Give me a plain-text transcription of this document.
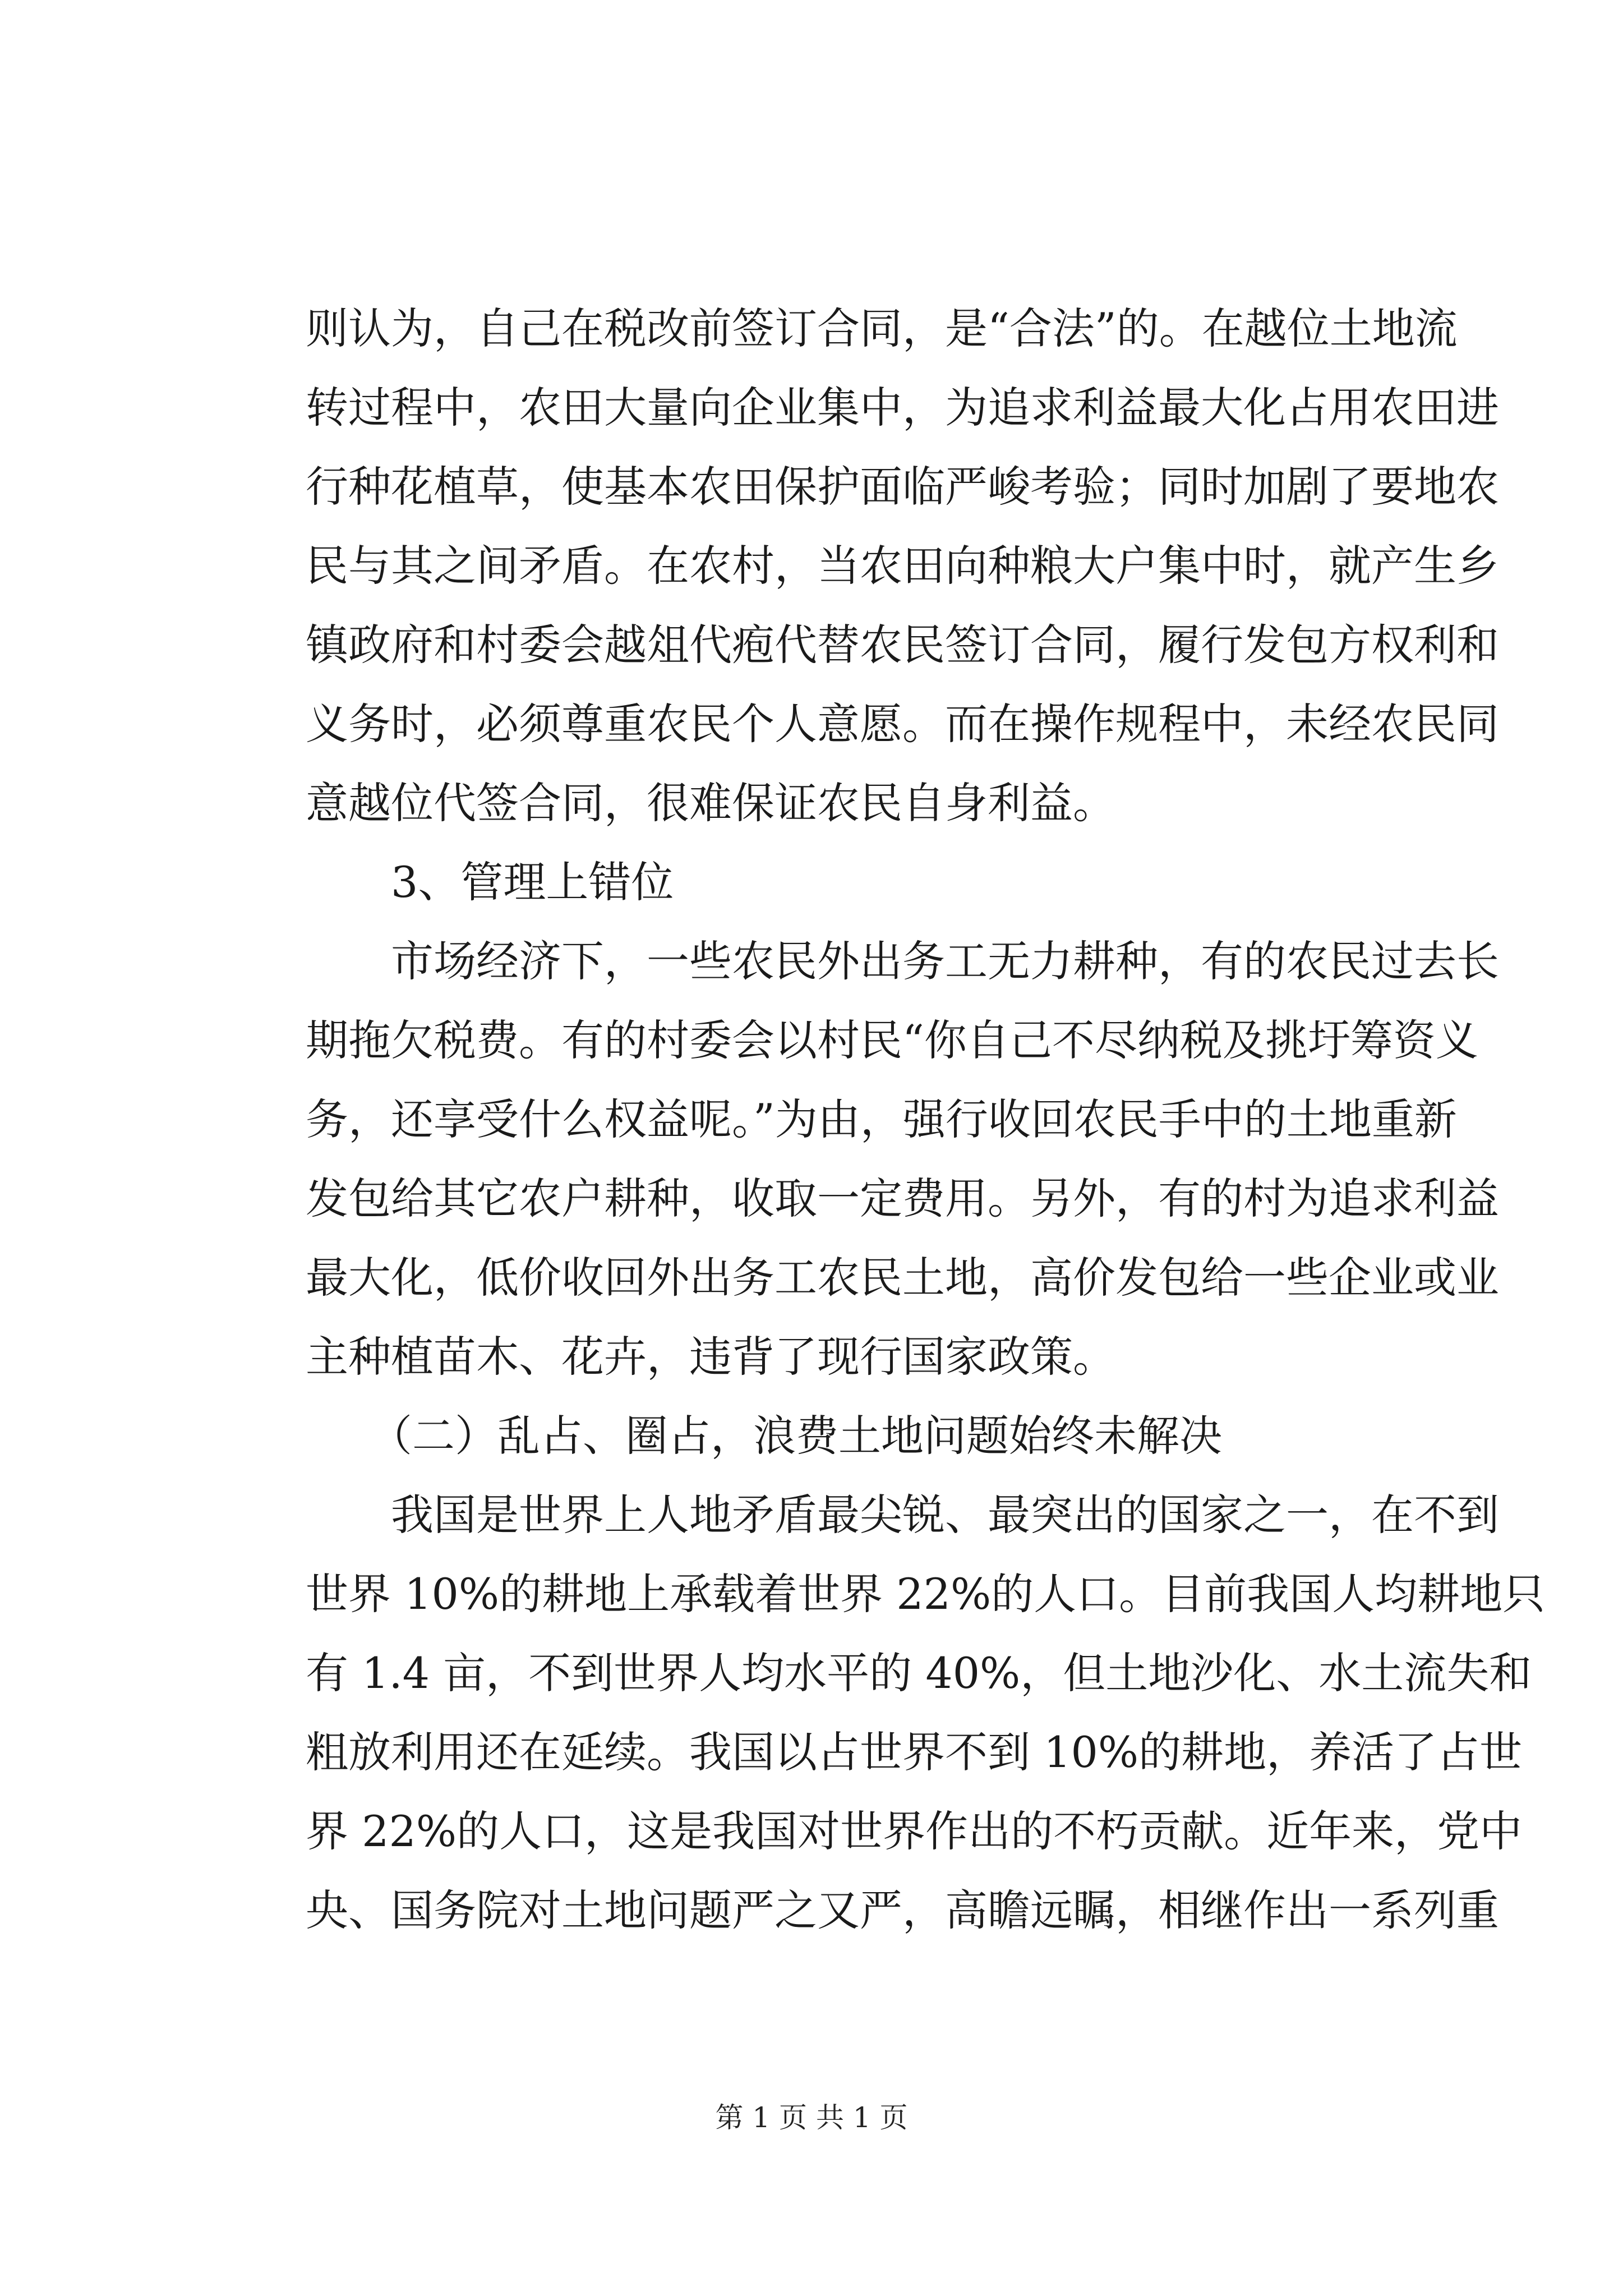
则认为，自己在税改前签订合同，是“合法”的。在越位土地流
转过程中，农田大量向企业集中，为追求利益最大化占用农田进
行种花植草，使基本农田保护面临严峻考验；同时加剧了要地农
民与其之间矛盾。在农村，当农田向种粮大户集中时，就产生乡
镇政府和村委会越俎代疱代替农民签订合同，履行发包方权利和
义务时，必须尊重农民个人意愿。而在操作规程中，未经农民同
意越位代签合同，很难保证农民自身利益。
　　3、管理上错位
　　市场经济下，一些农民外出务工无力耕种，有的农民过去长
期拖欠税费。有的村委会以村民“你自己不尽纳税及挑圩筹资义
务，还享受什么权益呢。”为由，强行收回农民手中的土地重新
发包给其它农户耕种，收取一定费用。另外，有的村为追求利益
最大化，低价收回外出务工农民土地，高价发包给一些企业或业
主种植苗木、花卉，违背了现行国家政策。
　　（二）乱占、圈占，浪费土地问题始终未解决
　　我国是世界上人地矛盾最尖锐、最突出的国家之一，在不到
世界 10%的耕地上承载着世界 22%的人口。目前我国人均耕地只
有 1.4 亩，不到世界人均水平的 40%，但土地沙化、水土流失和
粗放利用还在延续。我国以占世界不到 10%的耕地，养活了占世
界 22%的人口，这是我国对世界作出的不朽贡献。近年来，党中
央、国务院对土地问题严之又严，高瞻远瞩，相继作出一系列重
第 1 页 共 1 页
